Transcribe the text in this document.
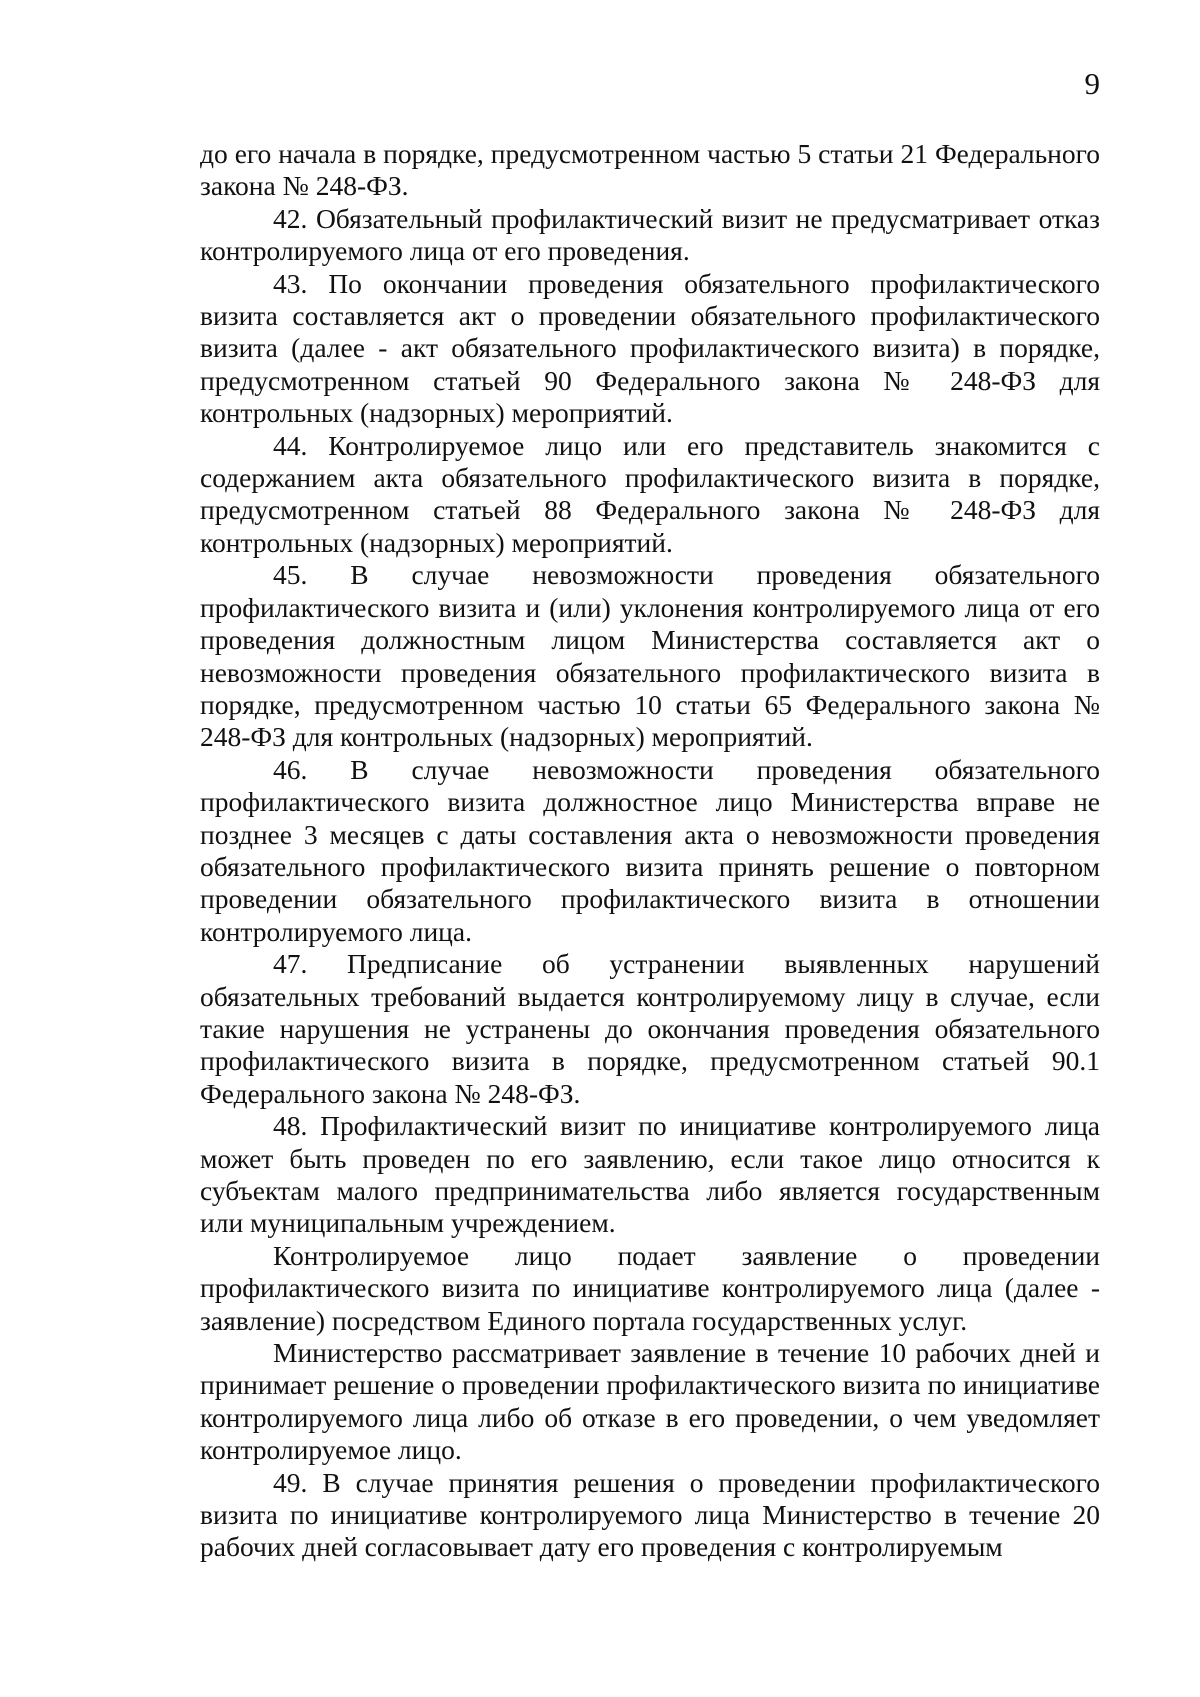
9

до его начала в порядке, предусмотренном частью 5 статьи 21 Федерального закона № 248-ФЗ.

42. Обязательный профилактический визит не предусматривает отказ контролируемого лица от его проведения.

43. По окончании проведения обязательного профилактического визита составляется акт о проведении обязательного профилактического визита (далее - акт обязательного профилактического визита) в порядке, предусмотренном статьей 90 Федерального закона № 248-ФЗ для контрольных (надзорных) мероприятий.

44. Контролируемое лицо или его представитель знакомится с содержанием акта обязательного профилактического визита в порядке, предусмотренном статьей 88 Федерального закона № 248-ФЗ для контрольных (надзорных) мероприятий.

45. В случае невозможности проведения обязательного профилактического визита и (или) уклонения контролируемого лица от его проведения должностным лицом Министерства составляется акт о невозможности проведения обязательного профилактического визита в порядке, предусмотренном частью 10 статьи 65 Федерального закона № 248-ФЗ для контрольных (надзорных) мероприятий.

46. В случае невозможности проведения обязательного профилактического визита должностное лицо Министерства вправе не позднее 3 месяцев с даты составления акта о невозможности проведения обязательного профилактического визита принять решение о повторном проведении обязательного профилактического визита в отношении контролируемого лица.

47. Предписание об устранении выявленных нарушений обязательных требований выдается контролируемому лицу в случае, если такие нарушения не устранены до окончания проведения обязательного профилактического визита в порядке, предусмотренном статьей 90.1 Федерального закона № 248-ФЗ.

48. Профилактический визит по инициативе контролируемого лица может быть проведен по его заявлению, если такое лицо относится к субъектам малого предпринимательства либо является государственным или муниципальным учреждением.

Контролируемое лицо подает заявление о проведении профилактического визита по инициативе контролируемого лица (далее - заявление) посредством Единого портала государственных услуг.

Министерство рассматривает заявление в течение 10 рабочих дней и принимает решение о проведении профилактического визита по инициативе контролируемого лица либо об отказе в его проведении, о чем уведомляет контролируемое лицо.

49. В случае принятия решения о проведении профилактического визита по инициативе контролируемого лица Министерство в течение 20 рабочих дней согласовывает дату его проведения с контролируемым
